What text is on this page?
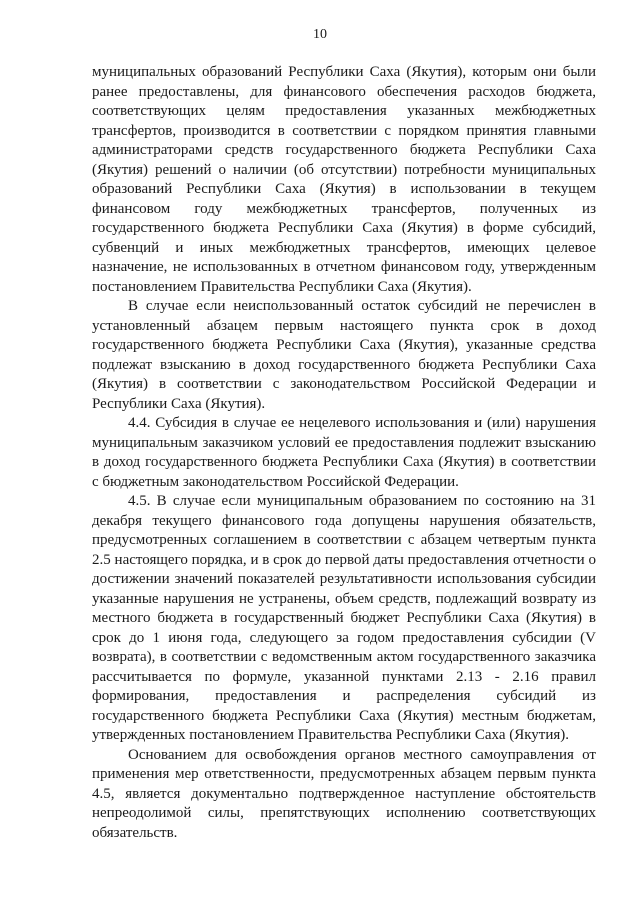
10

муниципальных образований Республики Саха (Якутия), которым они были ранее предоставлены, для финансового обеспечения расходов бюджета, соответствующих целям предоставления указанных межбюджетных трансфертов, производится в соответствии с порядком принятия главными администраторами средств государственного бюджета Республики Саха (Якутия) решений о наличии (об отсутствии) потребности муниципальных образований Республики Саха (Якутия) в использовании в текущем финансовом году межбюджетных трансфертов, полученных из государственного бюджета Республики Саха (Якутия) в форме субсидий, субвенций и иных межбюджетных трансфертов, имеющих целевое назначение, не использованных в отчетном финансовом году, утвержденным постановлением Правительства Республики Саха (Якутия).

В случае если неиспользованный остаток субсидий не перечислен в установленный абзацем первым настоящего пункта срок в доход государственного бюджета Республики Саха (Якутия), указанные средства подлежат взысканию в доход государственного бюджета Республики Саха (Якутия) в соответствии с законодательством Российской Федерации и Республики Саха (Якутия).

4.4. Субсидия в случае ее нецелевого использования и (или) нарушения муниципальным заказчиком условий ее предоставления подлежит взысканию в доход государственного бюджета Республики Саха (Якутия) в соответствии с бюджетным законодательством Российской Федерации.

4.5. В случае если муниципальным образованием по состоянию на 31 декабря текущего финансового года допущены нарушения обязательств, предусмотренных соглашением в соответствии с абзацем четвертым пункта 2.5 настоящего порядка, и в срок до первой даты предоставления отчетности о достижении значений показателей результативности использования субсидии указанные нарушения не устранены, объем средств, подлежащий возврату из местного бюджета в государственный бюджет Республики Саха (Якутия) в срок до 1 июня года, следующего за годом предоставления субсидии (V возврата), в соответствии с ведомственным актом государственного заказчика рассчитывается по формуле, указанной пунктами 2.13 - 2.16 правил формирования, предоставления и распределения субсидий из государственного бюджета Республики Саха (Якутия) местным бюджетам, утвержденных постановлением Правительства Республики Саха (Якутия).

Основанием для освобождения органов местного самоуправления от применения мер ответственности, предусмотренных абзацем первым пункта 4.5, является документально подтвержденное наступление обстоятельств непреодолимой силы, препятствующих исполнению соответствующих обязательств.
